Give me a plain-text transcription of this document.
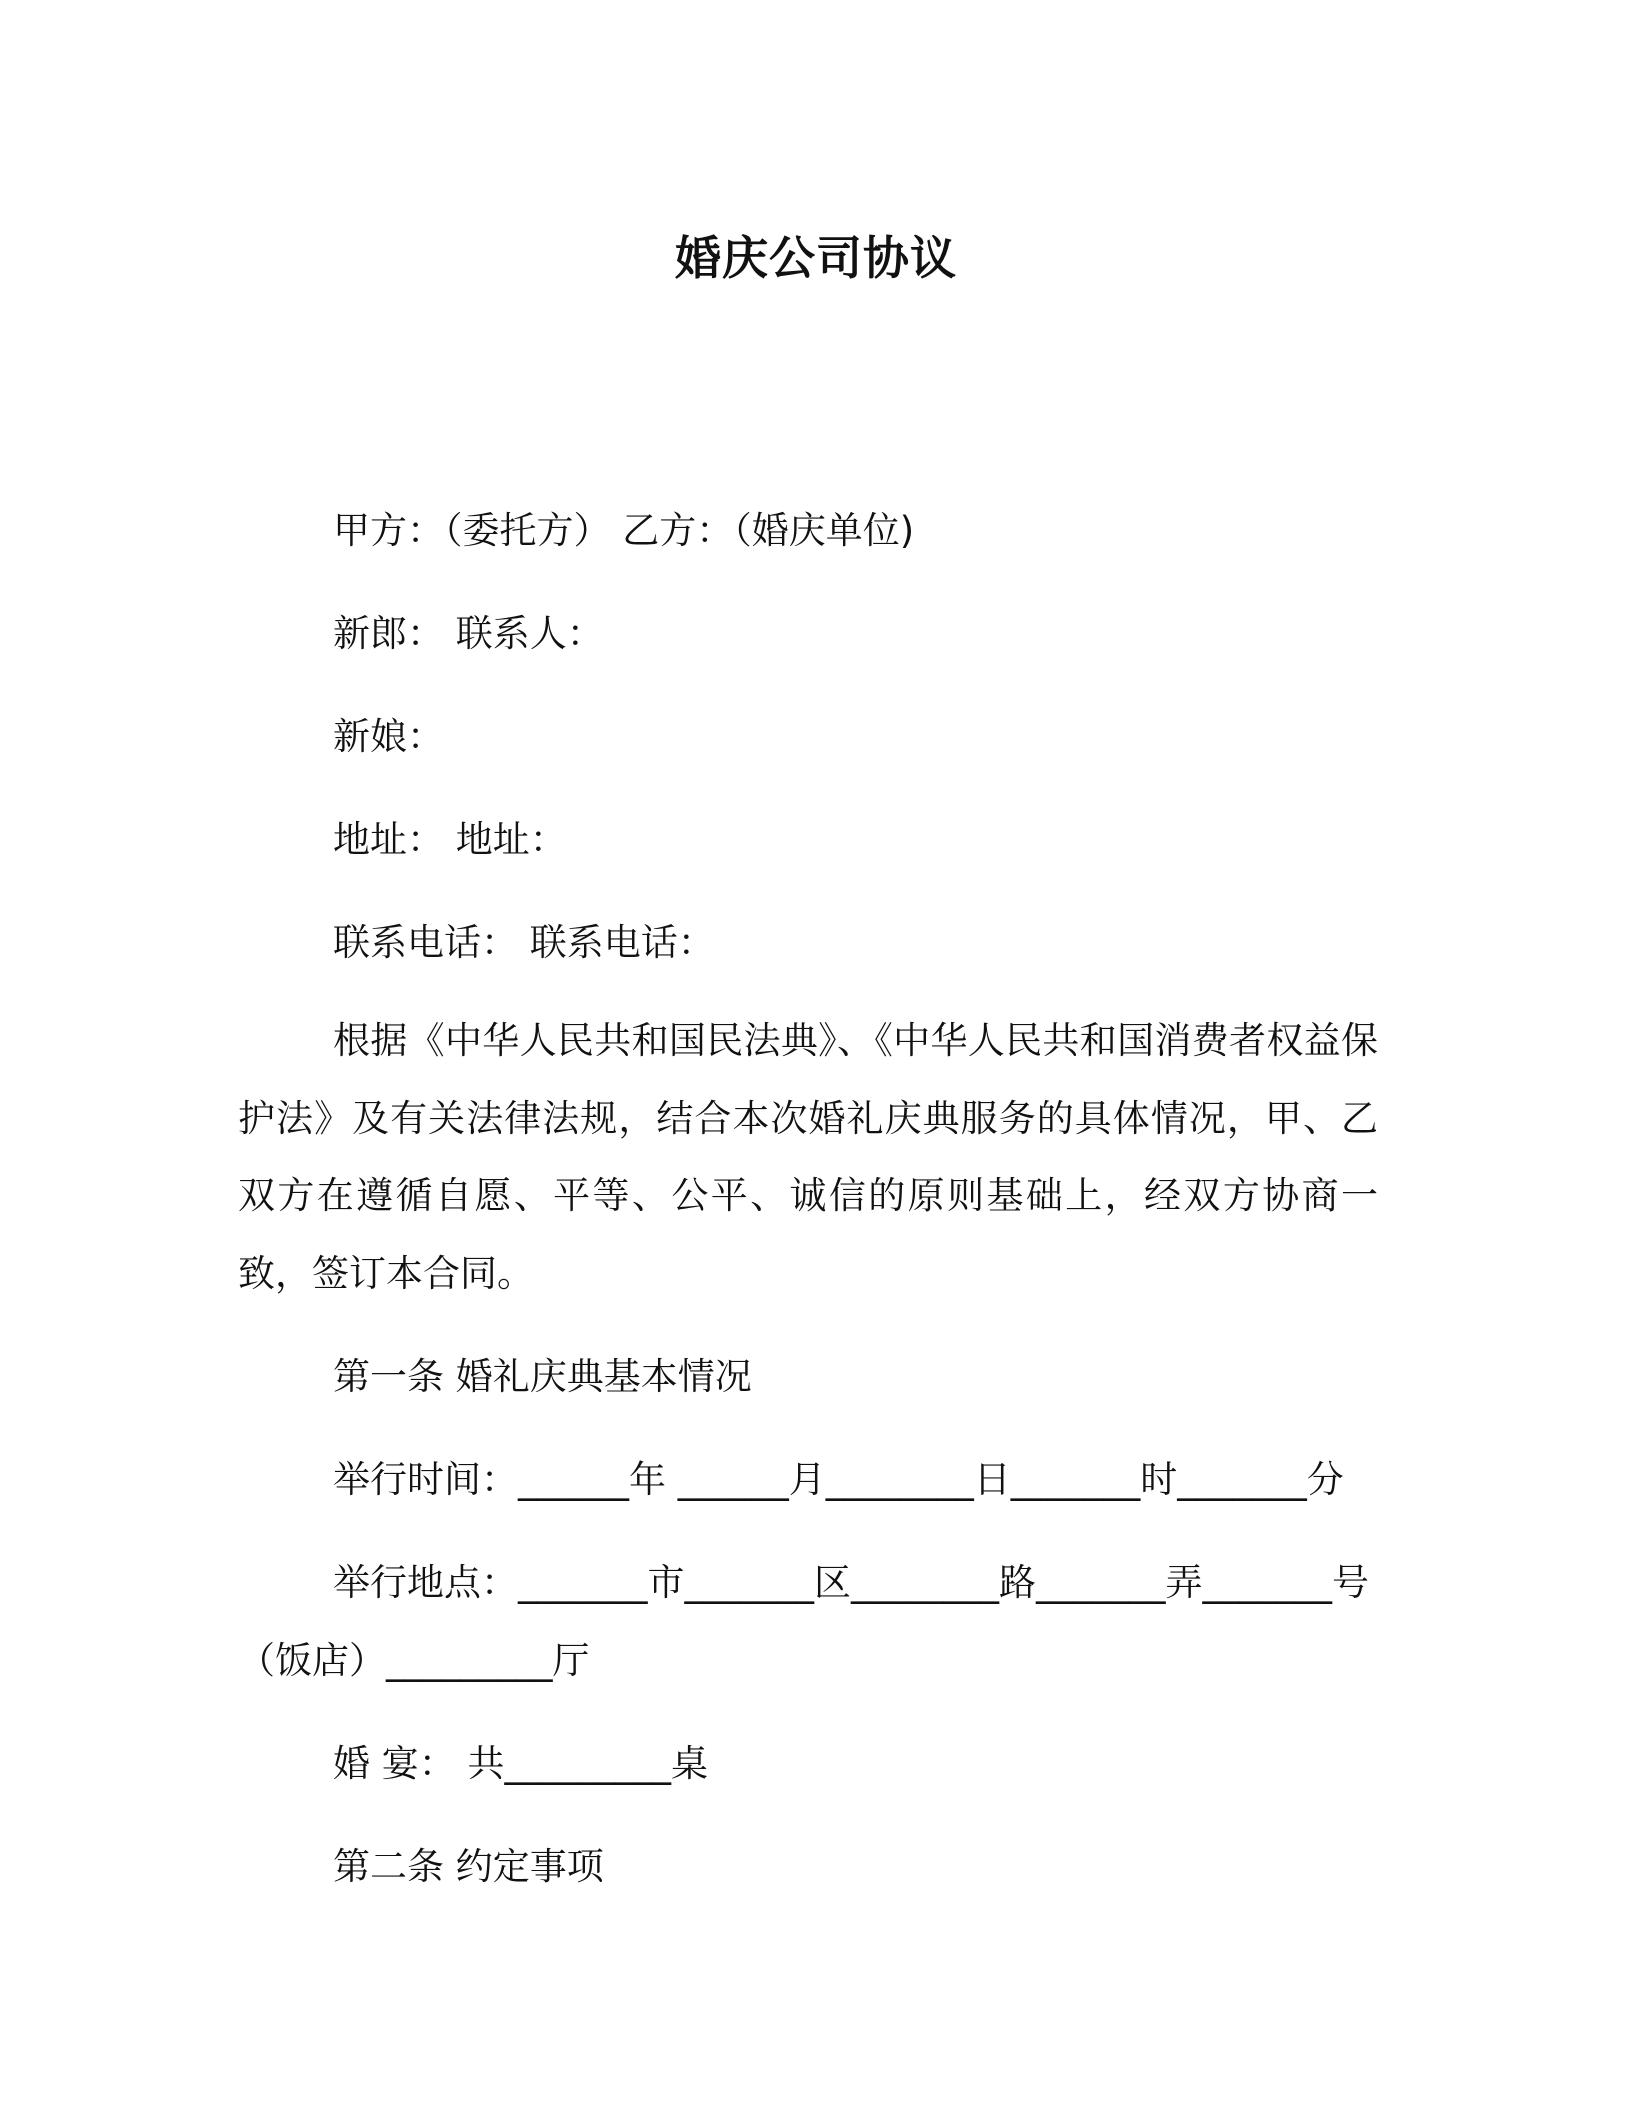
婚庆公司协议
甲方：（委托方） 乙方：（婚庆单位)
新郎： 联系人：
新娘：
地址： 地址：
联系电话： 联系电话：

根据《中华人民共和国民法典》、《中华人民共和国消费者权益保护法》及有关法律法规，结合本次婚礼庆典服务的具体情况，甲、乙双方在遵循自愿、平等、公平、诚信的原则基础上，经双方协商一致，签订本合同。

第一条 婚礼庆典基本情况
举行时间：______年 ______月________日_______时_______分
举行地点：_______市_______区________路_______弄_______号
（饭店）_________厅
婚 宴： 共_________桌
第二条 约定事项
